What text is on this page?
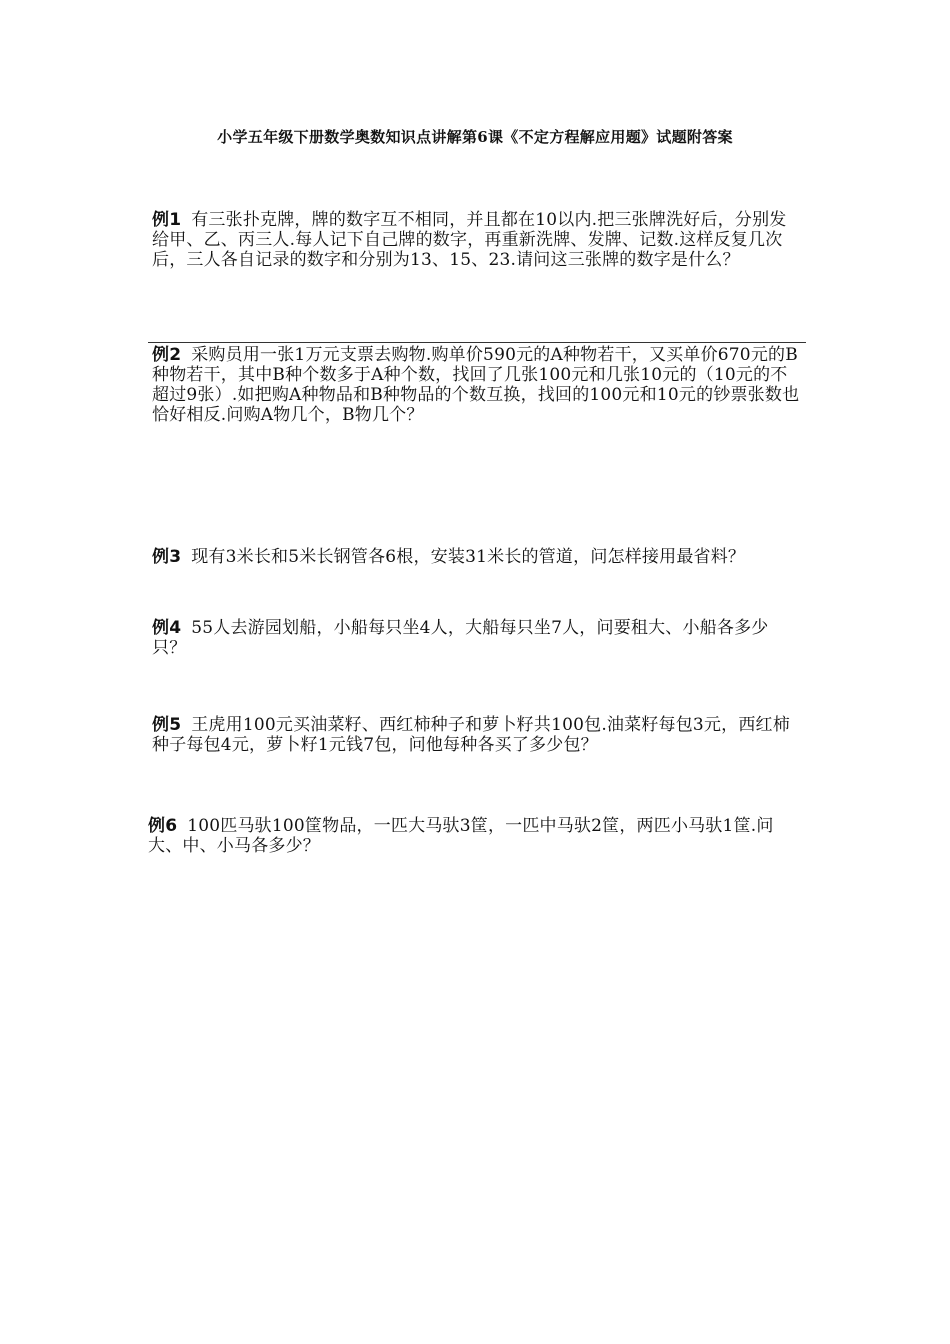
小学五年级下册数学奥数知识点讲解第6课《不定方程解应用题》试题附答案
例1 有三张扑克牌，牌的数字互不相同，并且都在10以内.把三张牌洗好后，分别发给甲、乙、丙三人.每人记下自己牌的数字，再重新洗牌、发牌、记数.这样反复几次后，三人各自记录的数字和分别为13、15、23.请问这三张牌的数字是什么？
例2 采购员用一张1万元支票去购物.购单价590元的A种物若干，又买单价670元的B种物若干，其中B种个数多于A种个数，找回了几张100元和几张10元的（10元的不超过9张）.如把购A种物品和B种物品的个数互换，找回的100元和10元的钞票张数也恰好相反.问购A物几个，B物几个？
例3 现有3米长和5米长钢管各6根，安装31米长的管道，问怎样接用最省料？
例4 55人去游园划船，小船每只坐4人，大船每只坐7人，问要租大、小船各多少只？
例5 王虎用100元买油菜籽、西红柿种子和萝卜籽共100包.油菜籽每包3元，西红柿种子每包4元，萝卜籽1元钱7包，问他每种各买了多少包？
例6 100匹马驮100筐物品，一匹大马驮3筐，一匹中马驮2筐，两匹小马驮1筐.问大、中、小马各多少？
